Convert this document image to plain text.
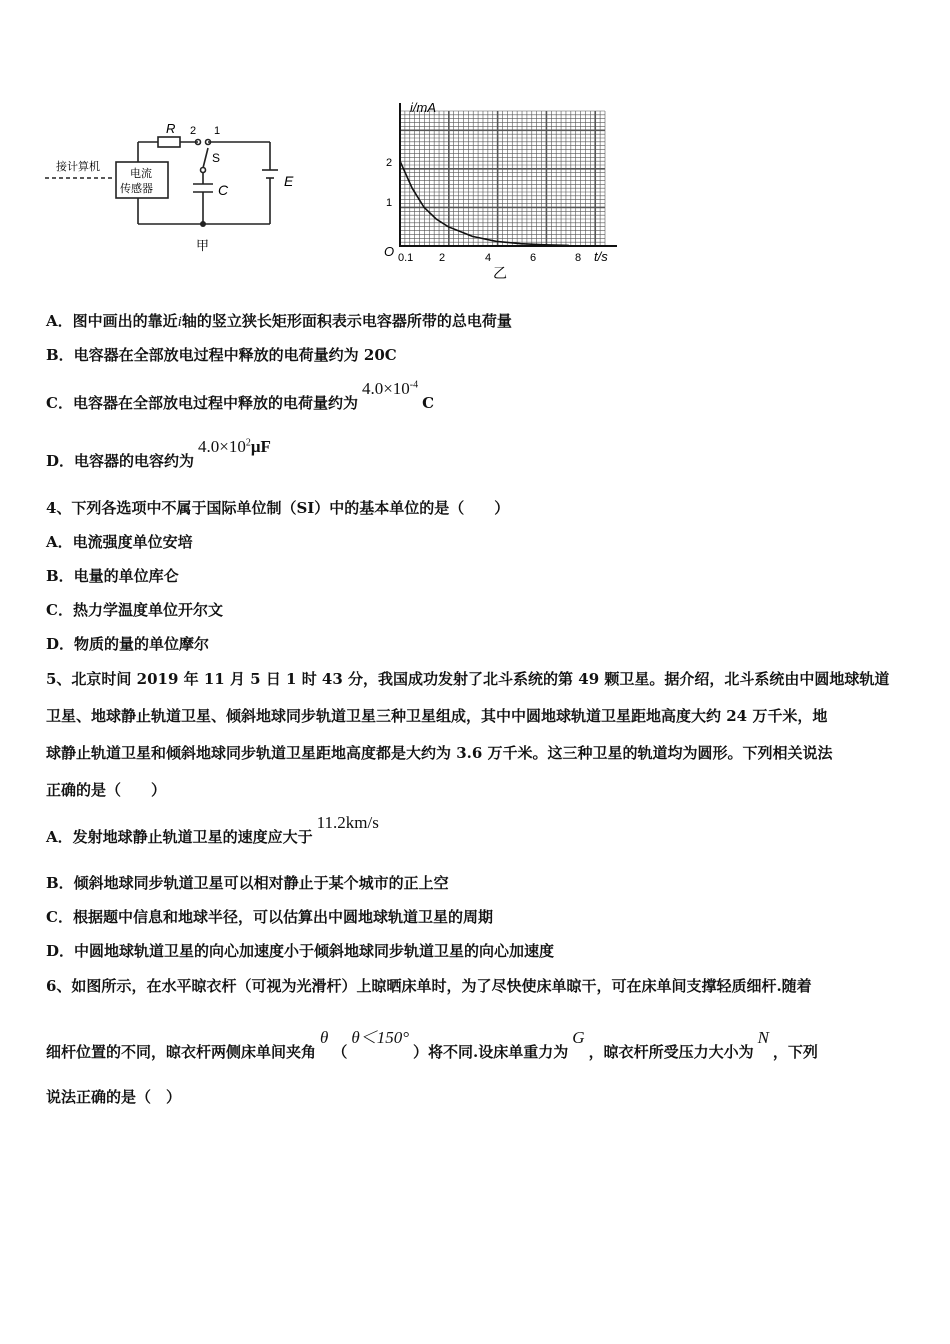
接计算机
电流
传感器
R 2 1
S
C
E
甲
i/mA
t/s
O
2
1
0.1 2	4	6	8
乙
A．图中画出的靠近i轴的竖立狭长矩形面积表示电容器所带的总电荷量
B．电容器在全部放电过程中释放的电荷量约为 20C
C．电容器在全部放电过程中释放的电荷量约为$4.0\times 10^{-4}C$
D．电容器的电容约为$4.0\times 10^2\mu F$
4、下列各选项中不属于国际单位制（SI）中的基本单位的是（　　）
A．电流强度单位安培
B．电量的单位库仑
C．热力学温度单位开尔文
D．物质的量的单位摩尔
5、北京时间 2019 年 11 月 5 日 1 时 43 分，我国成功发射了北斗系统的第 49 颗卫星。据介绍，北斗系统由中圆地球轨道
卫星、地球静止轨道卫星、倾斜地球同步轨道卫星三种卫星组成，其中中圆地球轨道卫星距地高度大约 24 万千米，地
球静止轨道卫星和倾斜地球同步轨道卫星距地高度都是大约为 3.6 万千米。这三种卫星的轨道均为圆形。下列相关说法
正确的是（　　）
A．发射地球静止轨道卫星的速度应大于11.2km/s
B．倾斜地球同步轨道卫星可以相对静止于某个城市的正上空
C．根据题中信息和地球半径，可以估算出中圆地球轨道卫星的周期
D．中圆地球轨道卫星的向心加速度小于倾斜地球同步轨道卫星的向心加速度
6、如图所示，在水平晾衣杆（可视为光滑杆）上晾晒床单时，为了尽快使床单晾干，可在床单间支撑轻质细杆.随着
细杆位置的不同，晾衣杆两侧床单间夹角θ（θ＜150°）将不同.设床单重力为G，晾衣杆所受压力大小为N，下列
说法正确的是（　）
